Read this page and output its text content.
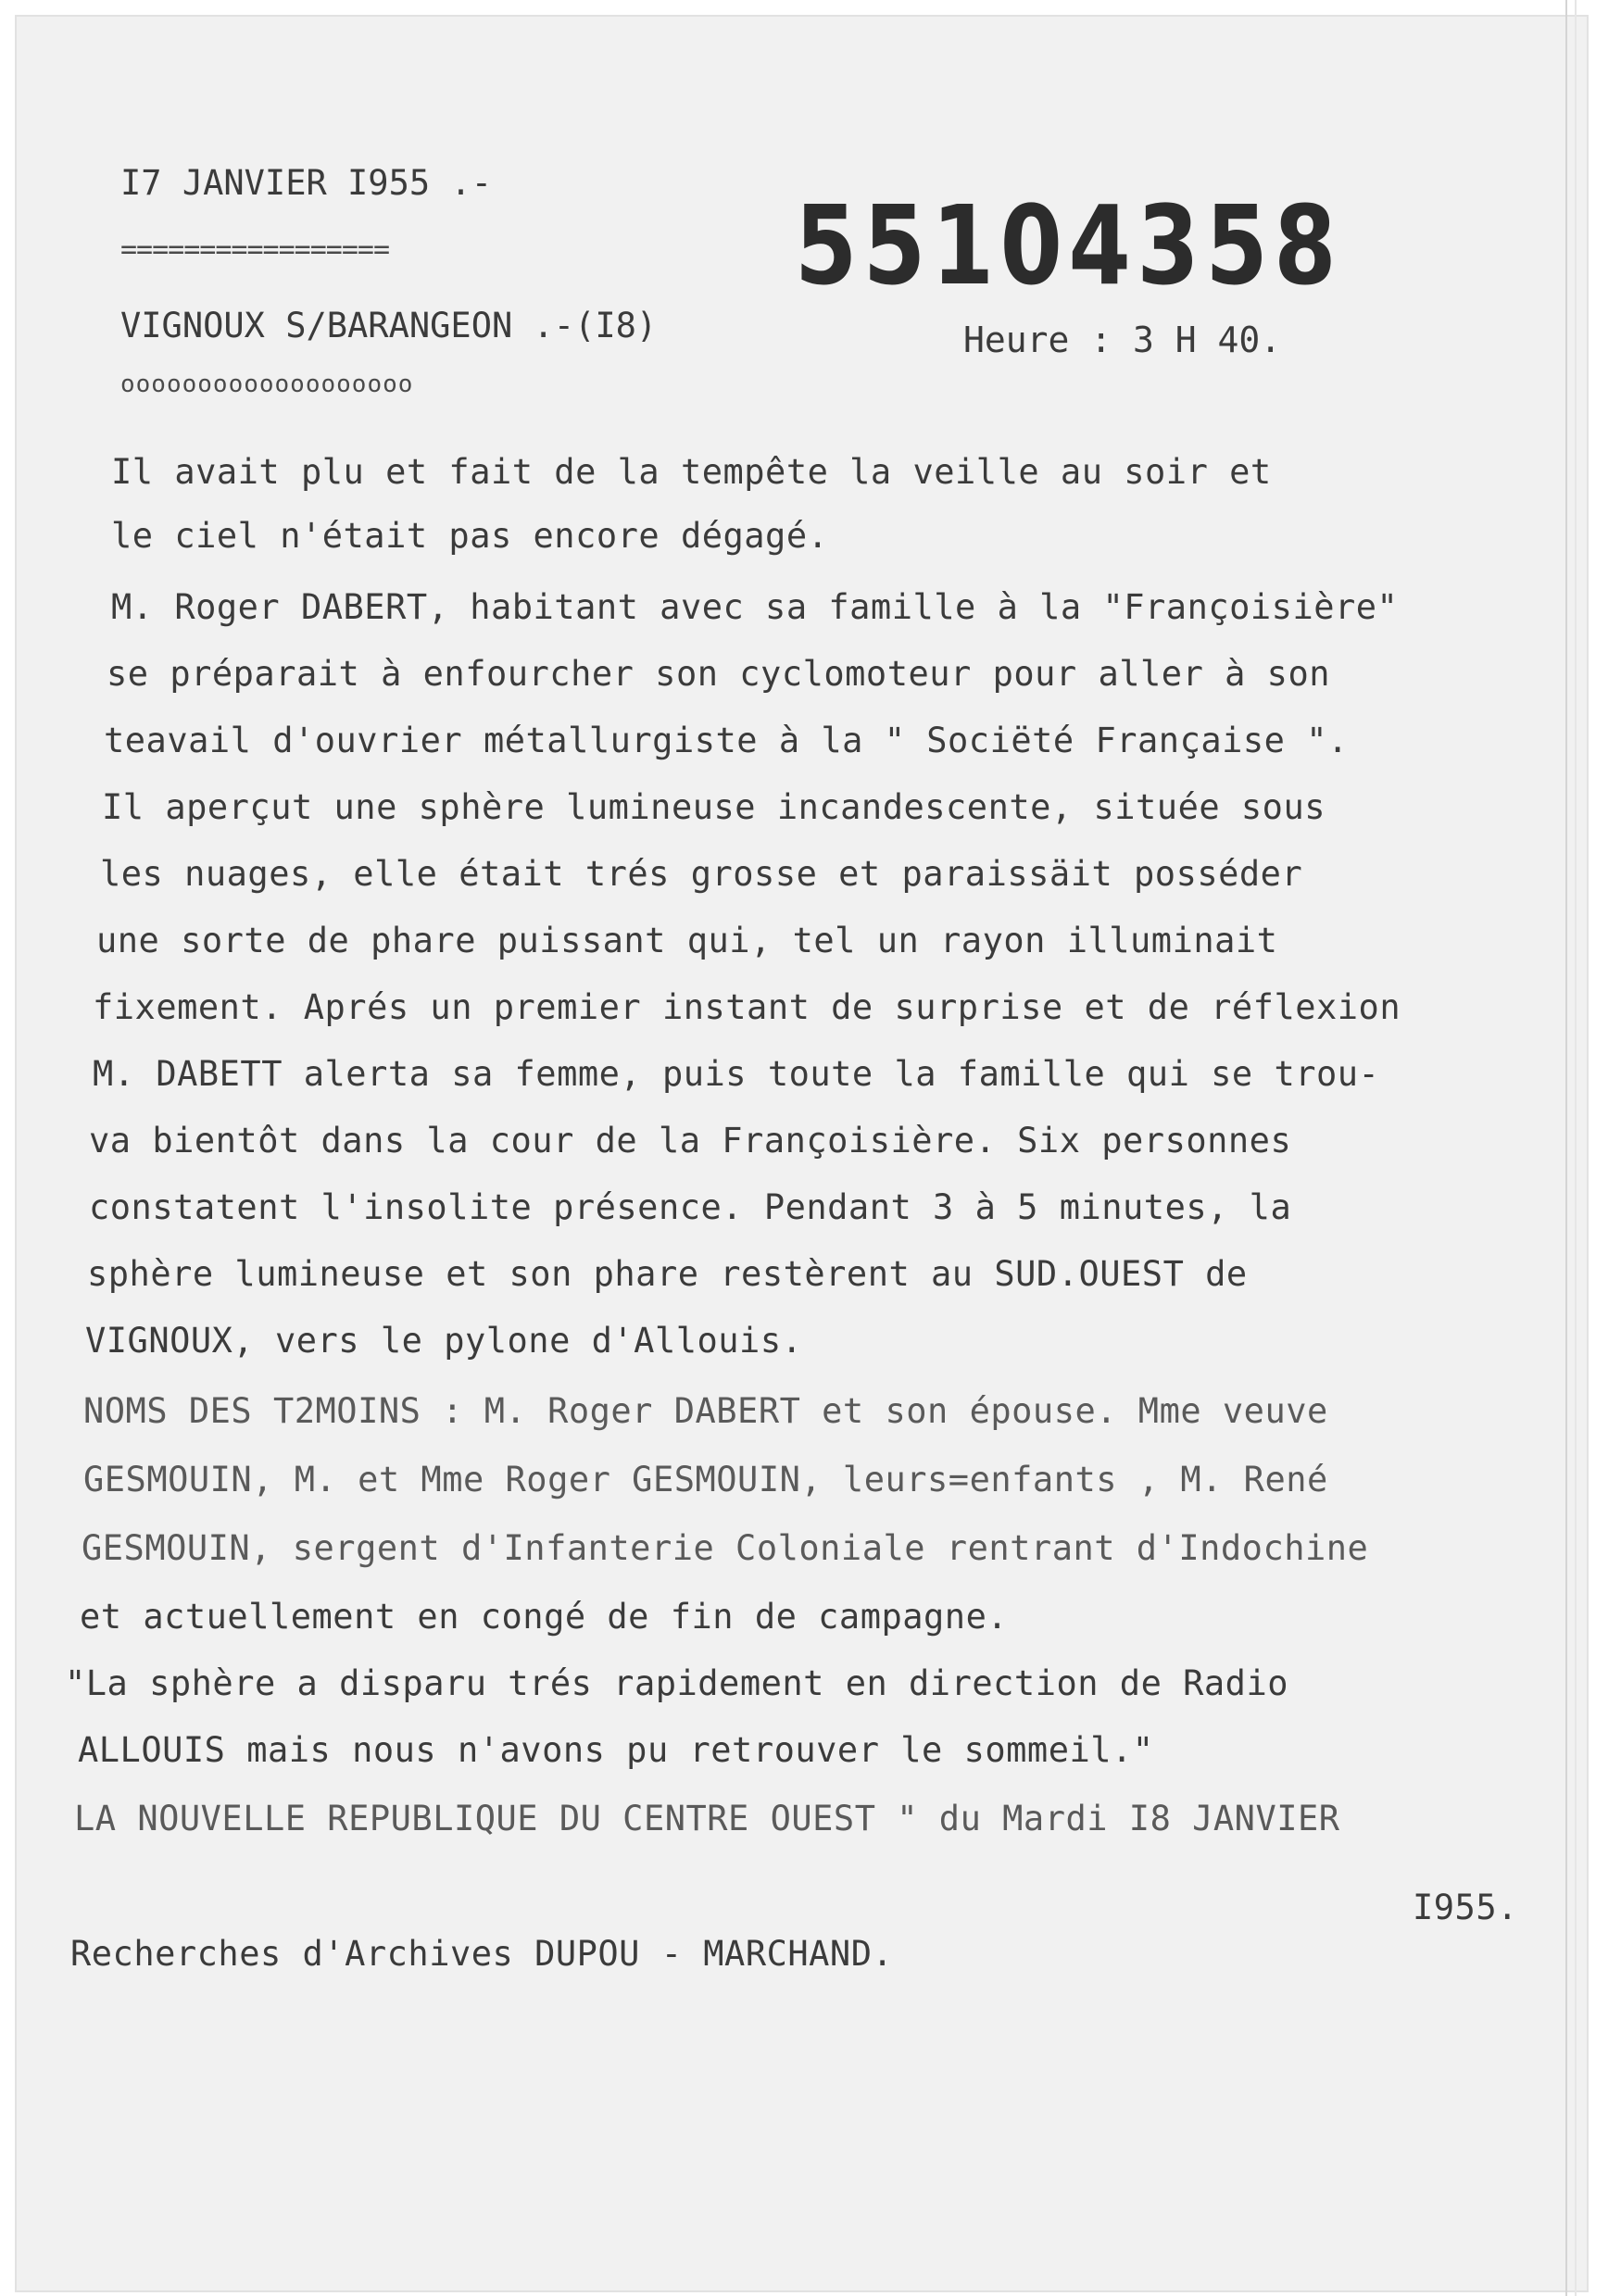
I7 JANVIER I955 .-
=================
VIGNOUX S/BARANGEON .-(I8)
ooooooooooooooooooo
55104358
Heure : 3 H 40.
Il avait plu et fait de la tempête la veille au soir et
le ciel n'était pas encore dégagé.
M. Roger DABERT, habitant avec sa famille à la "Françoisière"
se préparait à enfourcher son cyclomoteur pour aller à son
teavail d'ouvrier métallurgiste à la " Sociëté Française ".
Il aperçut une sphère lumineuse incandescente, située sous
les nuages, elle était trés grosse et paraissäit posséder
une sorte de phare puissant qui, tel un rayon illuminait
fixement. Aprés un premier instant de surprise et de réflexion
M. DABETT alerta sa femme, puis toute la famille qui se trou-
va bientôt dans la cour de la Françoisière. Six personnes
constatent l'insolite présence. Pendant 3 à 5 minutes, la
sphère lumineuse et son phare restèrent au SUD.OUEST de
VIGNOUX, vers le pylone d'Allouis.
NOMS DES T2MOINS : M. Roger DABERT et son épouse. Mme veuve
GESMOUIN, M. et Mme Roger GESMOUIN, leurs=enfants , M. René
GESMOUIN, sergent d'Infanterie Coloniale rentrant d'Indochine
et actuellement en congé de fin de campagne.
"La sphère a disparu trés rapidement en direction de Radio
ALLOUIS mais nous n'avons pu retrouver le sommeil."
LA NOUVELLE REPUBLIQUE DU CENTRE OUEST " du Mardi I8 JANVIER
I955.
Recherches d'Archives DUPOU - MARCHAND.
